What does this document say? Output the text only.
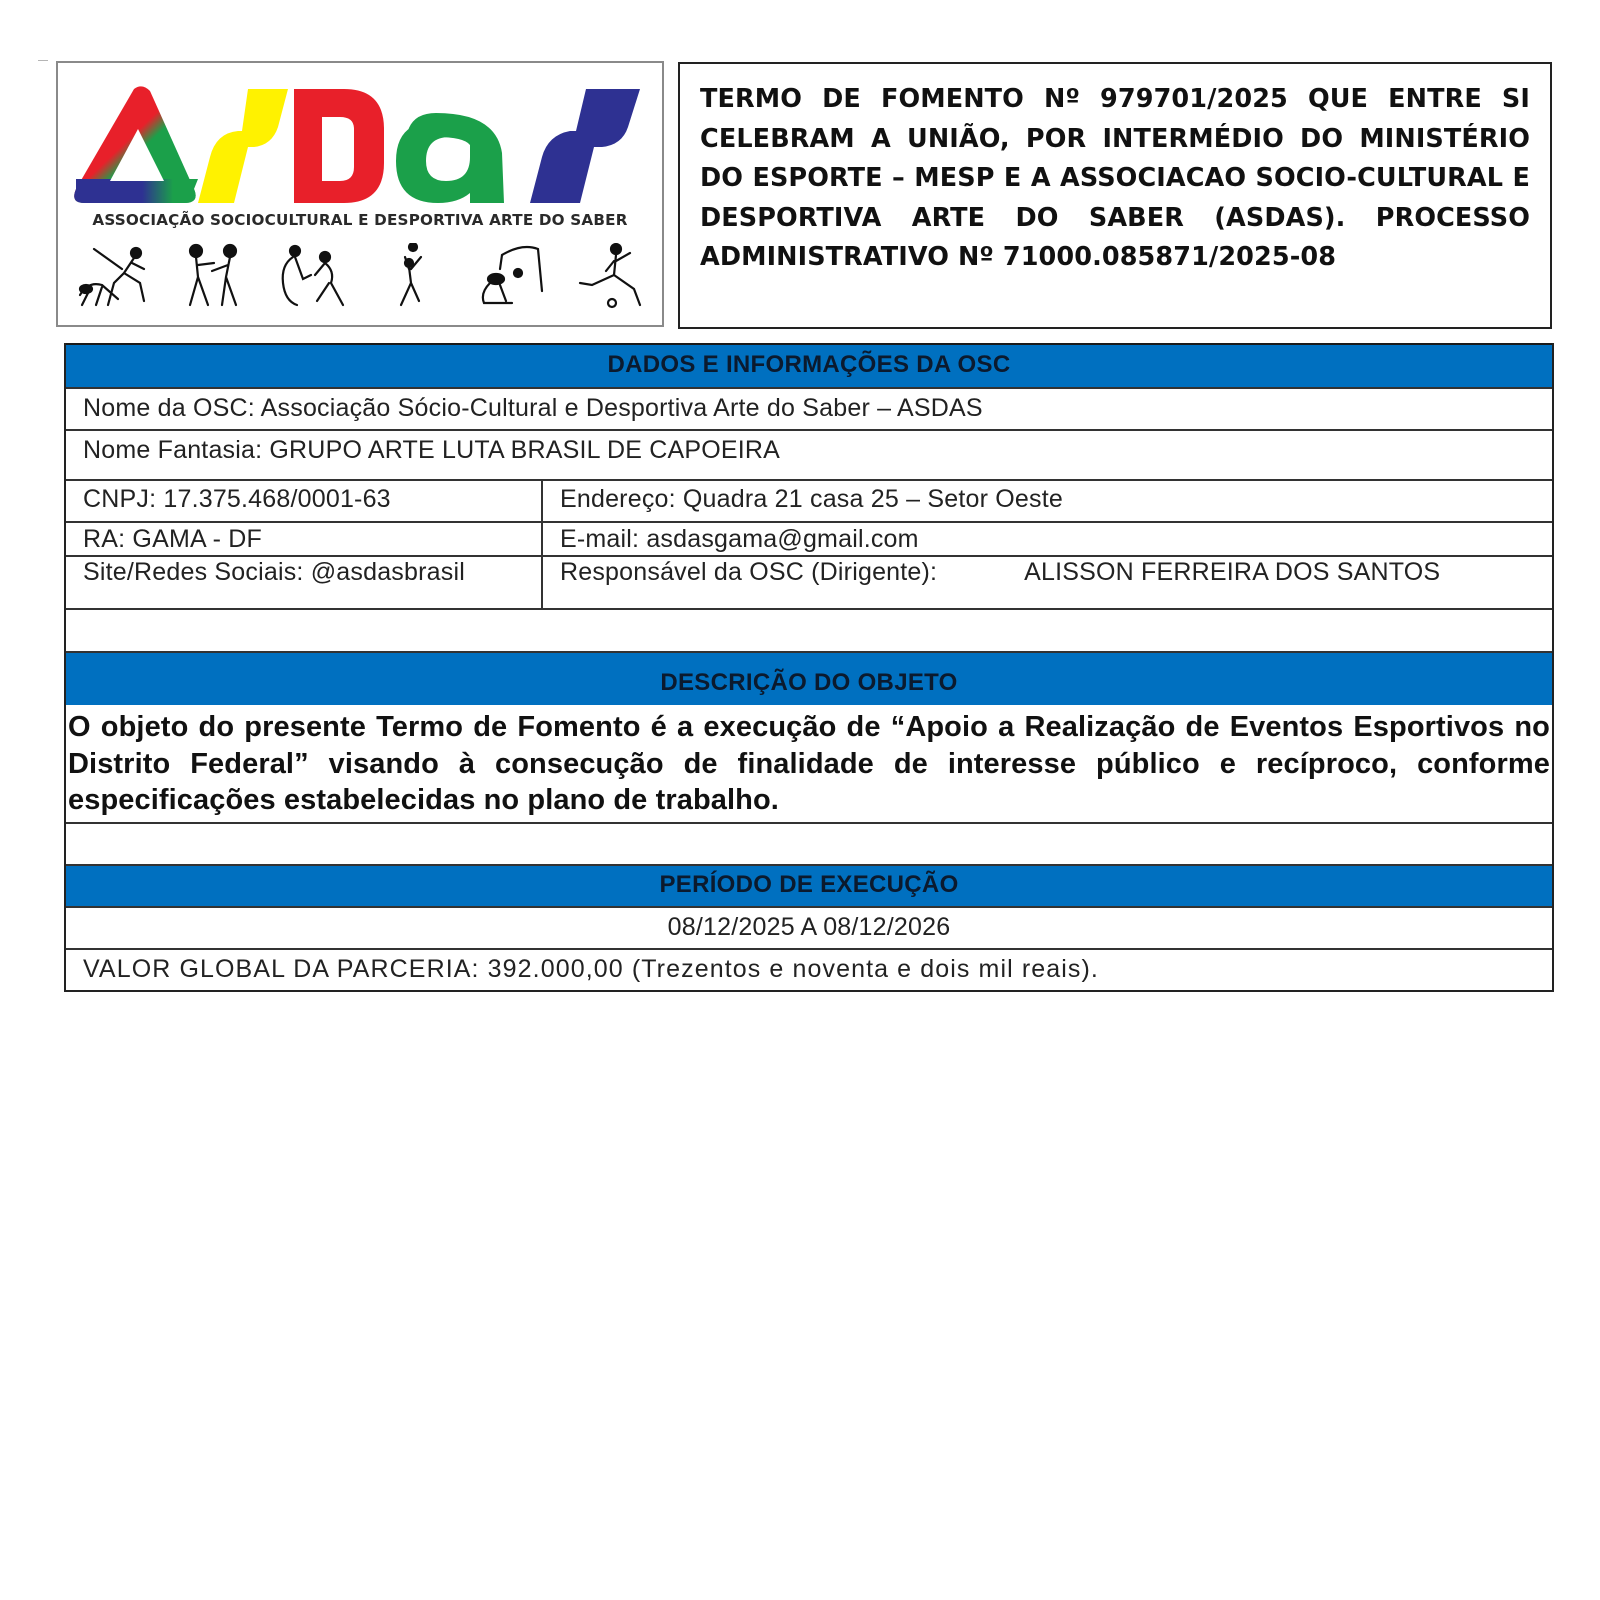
ASSOCIAÇÃO SOCIOCULTURAL E DESPORTIVA ARTE DO SABER
TERMO DE FOMENTO Nº 979701/2025 QUE ENTRE SI CELEBRAM A UNIÃO, POR INTERMÉDIO DO MINISTÉRIO DO ESPORTE – MESP E A ASSOCIACAO SOCIO-CULTURAL E DESPORTIVA ARTE DO SABER (ASDAS). PROCESSO ADMINISTRATIVO Nº 71000.085871/2025-08
DADOS E INFORMAÇÕES DA OSC
Nome da OSC: Associação Sócio-Cultural e Desportiva Arte do Saber – ASDAS
Nome Fantasia: GRUPO ARTE LUTA BRASIL DE CAPOEIRA
CNPJ: 17.375.468/0001-63	Endereço: Quadra 21 casa 25 – Setor Oeste
RA: GAMA - DF	E-mail: asdasgama@gmail.com
Site/Redes Sociais: @asdasbrasil	Responsável da OSC (Dirigente):	ALISSON FERREIRA DOS SANTOS
DESCRIÇÃO DO OBJETO
O objeto do presente Termo de Fomento é a execução de “Apoio a Realização de Eventos Esportivos no Distrito Federal” visando à consecução de finalidade de interesse público e recíproco, conforme especificações estabelecidas no plano de trabalho.
PERÍODO DE EXECUÇÃO
08/12/2025 A 08/12/2026
VALOR GLOBAL DA PARCERIA: 392.000,00 (Trezentos e noventa e dois mil reais).
